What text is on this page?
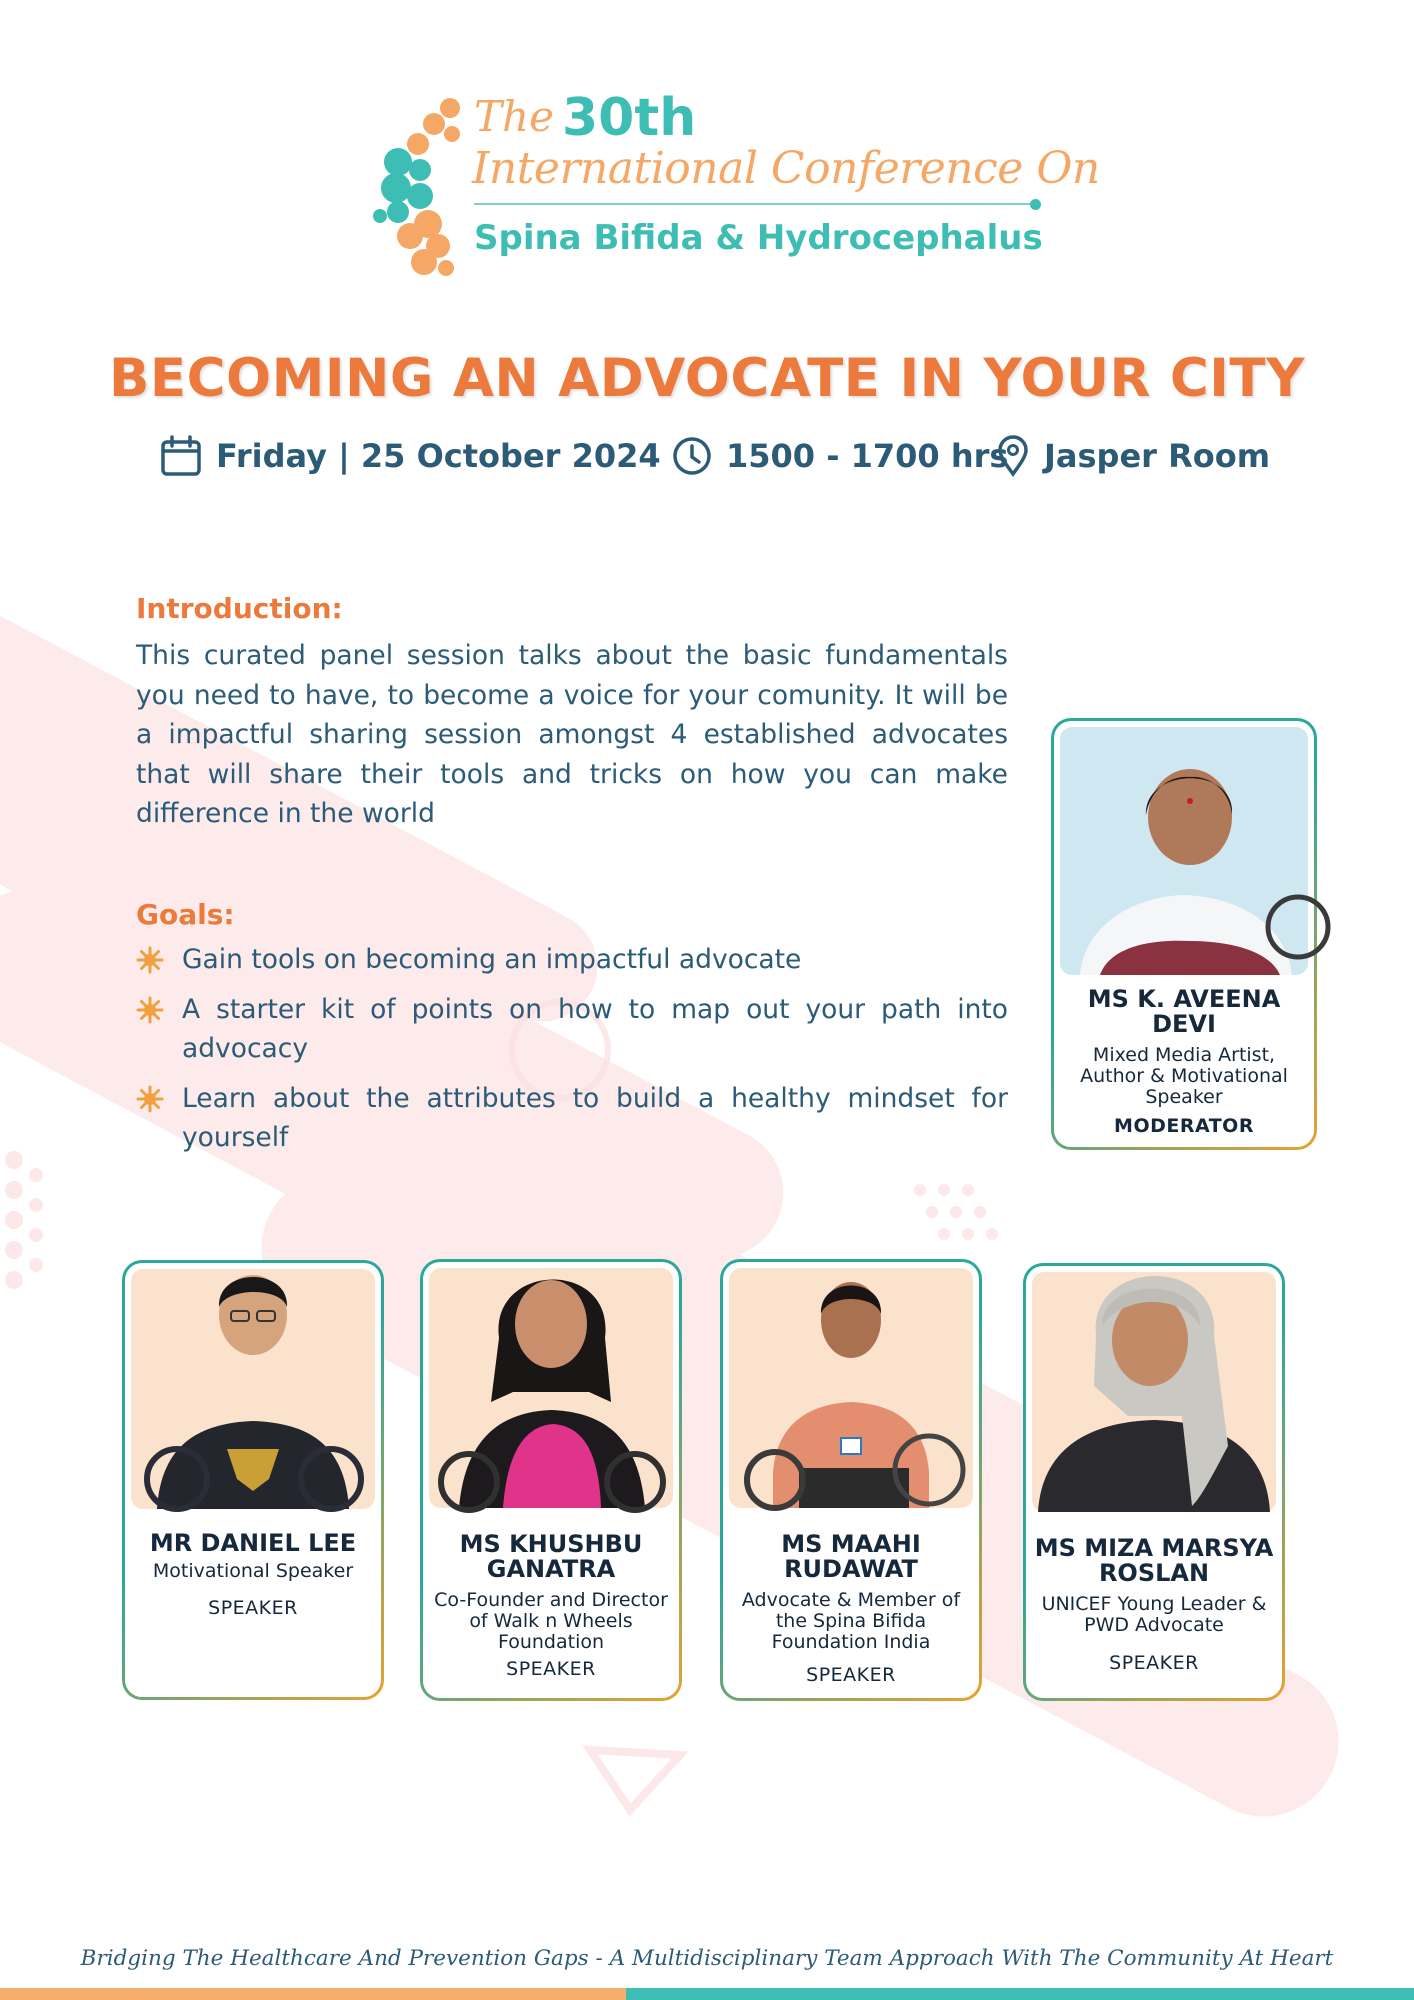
The 30th
International Conference On
Spina Bifida & Hydrocephalus
BECOMING AN ADVOCATE IN YOUR CITY
Friday | 25 October 2024 1500 - 1700 hrs Jasper Room
Introduction:
This curated panel session talks about the basic fundamentals you need to have, to become a voice for your comunity. It will be a impactful sharing session amongst 4 established advocates that will share their tools and tricks on how you can make difference in the world
Goals:
Gain tools on becoming an impactful advocate
A starter kit of points on how to map out your path into advocacy
Learn about the attributes to build a healthy mindset for yourself
MS K. AVEENA DEVI
Mixed Media Artist, Author & Motivational Speaker
MODERATOR
MR DANIEL LEE
Motivational Speaker
SPEAKER
MS KHUSHBU GANATRA
Co-Founder and Director of Walk n Wheels Foundation
SPEAKER
MS MAAHI RUDAWAT
Advocate & Member of the Spina Bifida Foundation India
SPEAKER
MS MIZA MARSYA ROSLAN
UNICEF Young Leader & PWD Advocate
SPEAKER
Bridging The Healthcare And Prevention Gaps - A Multidisciplinary Team Approach With The Community At Heart
